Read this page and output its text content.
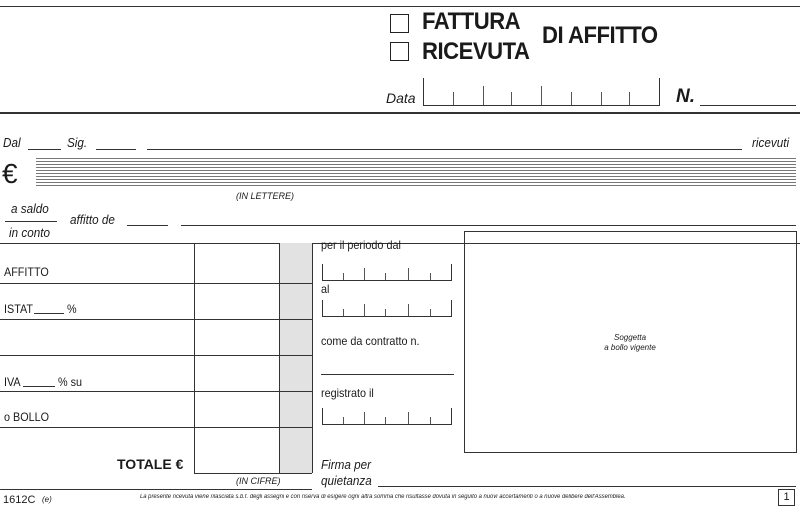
FATTURA
RICEVUTA
DI AFFITTO
Data	N.
Dal	Sig.	ricevuti
€
(IN LETTERE)
a saldo
in conto
affitto de
AFFITTO
ISTAT	%
IVA	% su
o BOLLO
TOTALE €
(IN CIFRE)
per il periodo dal
al
come da contratto n.
registrato il
Firma per
quietanza
Soggetta
a bollo vigente
1612C (e)	La presente ricevuta viene rilasciata s.b.f. degli assegni e con riserva di esigere ogni altra somma che risultasse dovuta in seguito a nuovi accertamenti o a nuove delibere dell'Assemblea.	1
